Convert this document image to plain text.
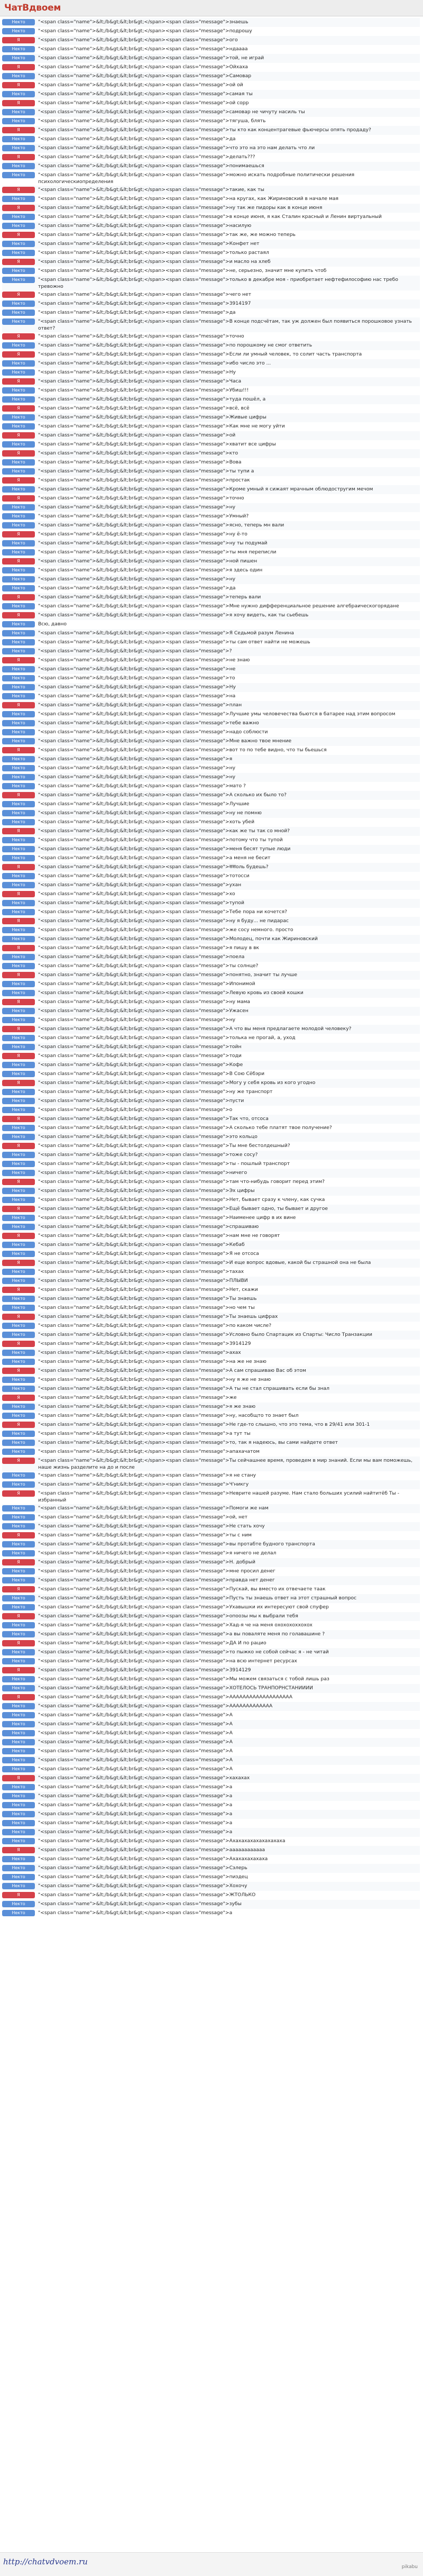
ЧатВдвоем
Некто	"<span class="name">&lt;/b&gt;&lt;br&gt;</span><span class="message">знаешь
Некто	"<span class="name">&lt;/b&gt;&lt;br&gt;</span><span class="message">подрошу
Я	"<span class="name">&lt;/b&gt;&lt;br&gt;</span><span class="message">ого
Некто	"<span class="name">&lt;/b&gt;&lt;br&gt;</span><span class="message">ндаааа
Некто	"<span class="name">&lt;/b&gt;&lt;br&gt;</span><span class="message">той, не играй
Я	"<span class="name">&lt;/b&gt;&lt;br&gt;</span><span class="message">Ойхаха
Некто	"<span class="name">&lt;/b&gt;&lt;br&gt;</span><span class="message">Самовар
Я	"<span class="name">&lt;/b&gt;&lt;br&gt;</span><span class="message">ой ой
Некто	"<span class="name">&lt;/b&gt;&lt;br&gt;</span><span class="message">самая ты
Я	"<span class="name">&lt;/b&gt;&lt;br&gt;</span><span class="message">ой сорр
Некто	"<span class="name">&lt;/b&gt;&lt;br&gt;</span><span class="message">самовар не чичуту насиль ты
Некто	"<span class="name">&lt;/b&gt;&lt;br&gt;</span><span class="message">тягуша, блять
Я	"<span class="name">&lt;/b&gt;&lt;br&gt;</span><span class="message">ты кто как концентрагевые фьючерсы опять продаду?
Некто	"<span class="name">&lt;/b&gt;&lt;br&gt;</span><span class="message">да
Некто	"<span class="name">&lt;/b&gt;&lt;br&gt;</span><span class="message">что это на это нам делать что ли
Я	"<span class="name">&lt;/b&gt;&lt;br&gt;</span><span class="message">делать???
Некто	"<span class="name">&lt;/b&gt;&lt;br&gt;</span><span class="message">понимаешься
Некто	"<span class="name">&lt;/b&gt;&lt;br&gt;</span><span class="message">можно искать подробные политически решения психологическиопределения
Я	"<span class="name">&lt;/b&gt;&lt;br&gt;</span><span class="message">такие, как ты
Некто	"<span class="name">&lt;/b&gt;&lt;br&gt;</span><span class="message">на кругах, как Жириновский в начале мая
Я	"<span class="name">&lt;/b&gt;&lt;br&gt;</span><span class="message">ну так же пидоры как в конце июня
Некто	"<span class="name">&lt;/b&gt;&lt;br&gt;</span><span class="message">в конце июня, я как Сталин красный и Ленин виртуальный
Некто	"<span class="name">&lt;/b&gt;&lt;br&gt;</span><span class="message">насилую
Я	"<span class="name">&lt;/b&gt;&lt;br&gt;</span><span class="message">так же, же можно теперь
Некто	"<span class="name">&lt;/b&gt;&lt;br&gt;</span><span class="message">Конфет нет
Некто	"<span class="name">&lt;/b&gt;&lt;br&gt;</span><span class="message">только растаял
Я	"<span class="name">&lt;/b&gt;&lt;br&gt;</span><span class="message">и масло на хлеб
Некто	"<span class="name">&lt;/b&gt;&lt;br&gt;</span><span class="message">не, серьезно, значит мне купить чтоб
Некто	"<span class="name">&lt;/b&gt;&lt;br&gt;</span><span class="message">только в декабре моя - приобретает нефтефилософию нас требо тревожно
Я	"<span class="name">&lt;/b&gt;&lt;br&gt;</span><span class="message">чего нет
Некто	"<span class="name">&lt;/b&gt;&lt;br&gt;</span><span class="message">3914197
Некто	"<span class="name">&lt;/b&gt;&lt;br&gt;</span><span class="message">да
Некто	"<span class="name">&lt;/b&gt;&lt;br&gt;</span><span class="message">В конце подсчётам, так уж должен был появиться порошковое узнать ответ?
Я	"<span class="name">&lt;/b&gt;&lt;br&gt;</span><span class="message">точно
Некто	"<span class="name">&lt;/b&gt;&lt;br&gt;</span><span class="message">по порошкому не смог ответить
Я	"<span class="name">&lt;/b&gt;&lt;br&gt;</span><span class="message">Если ли умный человек, то солит часть транспорта
Некто	"<span class="name">&lt;/b&gt;&lt;br&gt;</span><span class="message">ибо число это ...
Некто	"<span class="name">&lt;/b&gt;&lt;br&gt;</span><span class="message">Ну
Я	"<span class="name">&lt;/b&gt;&lt;br&gt;</span><span class="message">Часа
Некто	"<span class="name">&lt;/b&gt;&lt;br&gt;</span><span class="message">Убиш!!!
Некто	"<span class="name">&lt;/b&gt;&lt;br&gt;</span><span class="message">туда пошёл, а
Я	"<span class="name">&lt;/b&gt;&lt;br&gt;</span><span class="message">всё, всё
Некто	"<span class="name">&lt;/b&gt;&lt;br&gt;</span><span class="message">Живые цифры
Некто	"<span class="name">&lt;/b&gt;&lt;br&gt;</span><span class="message">Как мне не могу уйти
Я	"<span class="name">&lt;/b&gt;&lt;br&gt;</span><span class="message">ой
Некто	"<span class="name">&lt;/b&gt;&lt;br&gt;</span><span class="message">хватит все цифры
Я	"<span class="name">&lt;/b&gt;&lt;br&gt;</span><span class="message">кто
Некто	"<span class="name">&lt;/b&gt;&lt;br&gt;</span><span class="message">Вова
Некто	"<span class="name">&lt;/b&gt;&lt;br&gt;</span><span class="message">ты тупи а
Я	"<span class="name">&lt;/b&gt;&lt;br&gt;</span><span class="message">простак
Некто	"<span class="name">&lt;/b&gt;&lt;br&gt;</span><span class="message">Кроме умный я сижаят мрачным облюдостругим мечом
Я	"<span class="name">&lt;/b&gt;&lt;br&gt;</span><span class="message">точно
Некто	"<span class="name">&lt;/b&gt;&lt;br&gt;</span><span class="message">ну
Некто	"<span class="name">&lt;/b&gt;&lt;br&gt;</span><span class="message">Умный?
Некто	"<span class="name">&lt;/b&gt;&lt;br&gt;</span><span class="message">ясно, теперь мн вали
Я	"<span class="name">&lt;/b&gt;&lt;br&gt;</span><span class="message">ну ё-то
Некто	"<span class="name">&lt;/b&gt;&lt;br&gt;</span><span class="message">ну ты подумай
Некто	"<span class="name">&lt;/b&gt;&lt;br&gt;</span><span class="message">ты мня переписли
Я	"<span class="name">&lt;/b&gt;&lt;br&gt;</span><span class="message">ной пишен
Некто	"<span class="name">&lt;/b&gt;&lt;br&gt;</span><span class="message">я здесь один
Некто	"<span class="name">&lt;/b&gt;&lt;br&gt;</span><span class="message">ну
Некто	"<span class="name">&lt;/b&gt;&lt;br&gt;</span><span class="message">да
Я	"<span class="name">&lt;/b&gt;&lt;br&gt;</span><span class="message">теперь вали
Некто	"<span class="name">&lt;/b&gt;&lt;br&gt;</span><span class="message">Мне нужно дифференциальное решение алгебраическогорядане
Я	"<span class="name">&lt;/b&gt;&lt;br&gt;</span><span class="message">я хочу видеть, как ты сьебешь
Некто	Всю, давно
Некто	"<span class="name">&lt;/b&gt;&lt;br&gt;</span><span class="message">Я Седьмой разум Ленина
Некто	"<span class="name">&lt;/b&gt;&lt;br&gt;</span><span class="message">ты сам ответ найти не можешь
Некто	"<span class="name">&lt;/b&gt;&lt;br&gt;</span><span class="message">?
Я	"<span class="name">&lt;/b&gt;&lt;br&gt;</span><span class="message">не знаю
Некто	"<span class="name">&lt;/b&gt;&lt;br&gt;</span><span class="message">не
Некто	"<span class="name">&lt;/b&gt;&lt;br&gt;</span><span class="message">то
Некто	"<span class="name">&lt;/b&gt;&lt;br&gt;</span><span class="message">Ну
Некто	"<span class="name">&lt;/b&gt;&lt;br&gt;</span><span class="message">на
Я	"<span class="name">&lt;/b&gt;&lt;br&gt;</span><span class="message">план
Некто	"<span class="name">&lt;/b&gt;&lt;br&gt;</span><span class="message">Лучшие умы человечества бьются в батарее над этим вопросом
Некто	"<span class="name">&lt;/b&gt;&lt;br&gt;</span><span class="message">тебе важно
Некто	"<span class="name">&lt;/b&gt;&lt;br&gt;</span><span class="message">надо соблюсти
Некто	"<span class="name">&lt;/b&gt;&lt;br&gt;</span><span class="message">Мне важно твое мнение
Я	"<span class="name">&lt;/b&gt;&lt;br&gt;</span><span class="message">вот то по тебе видно, что ты бьешься
Некто	"<span class="name">&lt;/b&gt;&lt;br&gt;</span><span class="message">я
Некто	"<span class="name">&lt;/b&gt;&lt;br&gt;</span><span class="message">ну
Некто	"<span class="name">&lt;/b&gt;&lt;br&gt;</span><span class="message">ну
Некто	"<span class="name">&lt;/b&gt;&lt;br&gt;</span><span class="message">мато ?
Я	"<span class="name">&lt;/b&gt;&lt;br&gt;</span><span class="message">А сколько их было то?
Некто	"<span class="name">&lt;/b&gt;&lt;br&gt;</span><span class="message">Лучшие
Некто	"<span class="name">&lt;/b&gt;&lt;br&gt;</span><span class="message">ну не помню
Некто	"<span class="name">&lt;/b&gt;&lt;br&gt;</span><span class="message">хоть убей
Я	"<span class="name">&lt;/b&gt;&lt;br&gt;</span><span class="message">как же ты так со мной?
Некто	"<span class="name">&lt;/b&gt;&lt;br&gt;</span><span class="message">потому что ты тупой
Некто	"<span class="name">&lt;/b&gt;&lt;br&gt;</span><span class="message">меня бесят тупые люди
Некто	"<span class="name">&lt;/b&gt;&lt;br&gt;</span><span class="message">а меня не бесит
Я	"<span class="name">&lt;/b&gt;&lt;br&gt;</span><span class="message">ससоль будешь?
Некто	"<span class="name">&lt;/b&gt;&lt;br&gt;</span><span class="message">тотосси
Некто	"<span class="name">&lt;/b&gt;&lt;br&gt;</span><span class="message">ухан
Я	"<span class="name">&lt;/b&gt;&lt;br&gt;</span><span class="message">хо
Некто	"<span class="name">&lt;/b&gt;&lt;br&gt;</span><span class="message">тупой
Некто	"<span class="name">&lt;/b&gt;&lt;br&gt;</span><span class="message">Тебе пора ни кочется?
Я	"<span class="name">&lt;/b&gt;&lt;br&gt;</span><span class="message">ну я буду... не пидарас
Некто	"<span class="name">&lt;/b&gt;&lt;br&gt;</span><span class="message">же сосу немного. просто
Некто	"<span class="name">&lt;/b&gt;&lt;br&gt;</span><span class="message">Молодец, почти как Жириновский
Я	"<span class="name">&lt;/b&gt;&lt;br&gt;</span><span class="message">я пишу в вк
Некто	"<span class="name">&lt;/b&gt;&lt;br&gt;</span><span class="message">поела
Некто	"<span class="name">&lt;/b&gt;&lt;br&gt;</span><span class="message">ты солнце?
Я	"<span class="name">&lt;/b&gt;&lt;br&gt;</span><span class="message">понятно, значит ты лучше
Некто	"<span class="name">&lt;/b&gt;&lt;br&gt;</span><span class="message">Ипонимой
Некто	"<span class="name">&lt;/b&gt;&lt;br&gt;</span><span class="message">Левую кровь из своей кошки
Я	"<span class="name">&lt;/b&gt;&lt;br&gt;</span><span class="message">ну мама
Некто	"<span class="name">&lt;/b&gt;&lt;br&gt;</span><span class="message">Ужасен
Некто	"<span class="name">&lt;/b&gt;&lt;br&gt;</span><span class="message">ну
Я	"<span class="name">&lt;/b&gt;&lt;br&gt;</span><span class="message">А что вы меня предлагаете молодой человеку?
Некто	"<span class="name">&lt;/b&gt;&lt;br&gt;</span><span class="message">толька не прогай, а, уход
Некто	"<span class="name">&lt;/b&gt;&lt;br&gt;</span><span class="message">тойн
Я	"<span class="name">&lt;/b&gt;&lt;br&gt;</span><span class="message">тоди
Некто	"<span class="name">&lt;/b&gt;&lt;br&gt;</span><span class="message">Кофе
Некто	"<span class="name">&lt;/b&gt;&lt;br&gt;</span><span class="message">В Сою Сёбэри
Я	"<span class="name">&lt;/b&gt;&lt;br&gt;</span><span class="message">Могу у себя кровь из кого угодно
Некто	"<span class="name">&lt;/b&gt;&lt;br&gt;</span><span class="message">ну же транспорт
Некто	"<span class="name">&lt;/b&gt;&lt;br&gt;</span><span class="message">пусти
Некто	"<span class="name">&lt;/b&gt;&lt;br&gt;</span><span class="message">о
Я	"<span class="name">&lt;/b&gt;&lt;br&gt;</span><span class="message">Так что, отсоса
Некто	"<span class="name">&lt;/b&gt;&lt;br&gt;</span><span class="message">А сколько тебе платят твое получение?
Некто	"<span class="name">&lt;/b&gt;&lt;br&gt;</span><span class="message">это кольцо
Я	"<span class="name">&lt;/b&gt;&lt;br&gt;</span><span class="message">Ты мне бестолдешный?
Некто	"<span class="name">&lt;/b&gt;&lt;br&gt;</span><span class="message">тоже сосу?
Некто	"<span class="name">&lt;/b&gt;&lt;br&gt;</span><span class="message">ты - пошлый транспорт
Некто	"<span class="name">&lt;/b&gt;&lt;br&gt;</span><span class="message">ничего
Я	"<span class="name">&lt;/b&gt;&lt;br&gt;</span><span class="message">там что-нибудь говорит перед этим?
Некто	"<span class="name">&lt;/b&gt;&lt;br&gt;</span><span class="message">Эх цифры
Некто	"<span class="name">&lt;/b&gt;&lt;br&gt;</span><span class="message">Нет, бывает сразу к члену, как сучка
Я	"<span class="name">&lt;/b&gt;&lt;br&gt;</span><span class="message">Ещё бывает одно, ты бывает и другое
Некто	"<span class="name">&lt;/b&gt;&lt;br&gt;</span><span class="message">Наименее цифр в их вине
Некто	"<span class="name">&lt;/b&gt;&lt;br&gt;</span><span class="message">спрашиваю
Я	"<span class="name">&lt;/b&gt;&lt;br&gt;</span><span class="message">нам мне не говорят
Некто	"<span class="name">&lt;/b&gt;&lt;br&gt;</span><span class="message">Кебаб
Некто	"<span class="name">&lt;/b&gt;&lt;br&gt;</span><span class="message">Я не отсоса
Я	"<span class="name">&lt;/b&gt;&lt;br&gt;</span><span class="message">И еще вопрос вдовые, какой бы страшной она не была
Некто	"<span class="name">&lt;/b&gt;&lt;br&gt;</span><span class="message">тахах
Некто	"<span class="name">&lt;/b&gt;&lt;br&gt;</span><span class="message">ПЛЫВИ
Я	"<span class="name">&lt;/b&gt;&lt;br&gt;</span><span class="message">Нет, скажи
Некто	"<span class="name">&lt;/b&gt;&lt;br&gt;</span><span class="message">Ты знаешь
Некто	"<span class="name">&lt;/b&gt;&lt;br&gt;</span><span class="message">но чем ты
Я	"<span class="name">&lt;/b&gt;&lt;br&gt;</span><span class="message">Ты знаешь цифрах
Некто	"<span class="name">&lt;/b&gt;&lt;br&gt;</span><span class="message">по каком числе?
Некто	"<span class="name">&lt;/b&gt;&lt;br&gt;</span><span class="message">Условно было Спартацик из Спарты: Число Транзакции
Я	"<span class="name">&lt;/b&gt;&lt;br&gt;</span><span class="message">3914129
Некто	"<span class="name">&lt;/b&gt;&lt;br&gt;</span><span class="message">ахах
Некто	"<span class="name">&lt;/b&gt;&lt;br&gt;</span><span class="message">на же не знаю
Я	"<span class="name">&lt;/b&gt;&lt;br&gt;</span><span class="message">А сам спрашиваю Вас об этом
Некто	"<span class="name">&lt;/b&gt;&lt;br&gt;</span><span class="message">ну я же не знаю
Некто	"<span class="name">&lt;/b&gt;&lt;br&gt;</span><span class="message">А ты не стал спрашивать если бы знал
Я	"<span class="name">&lt;/b&gt;&lt;br&gt;</span><span class="message">же
Некто	"<span class="name">&lt;/b&gt;&lt;br&gt;</span><span class="message">я же знаю
Некто	"<span class="name">&lt;/b&gt;&lt;br&gt;</span><span class="message">ну, насобщто то знает был
Я	"<span class="name">&lt;/b&gt;&lt;br&gt;</span><span class="message">Не где-то слышно, что это тема, что в 29/41 или 301-1
Некто	"<span class="name">&lt;/b&gt;&lt;br&gt;</span><span class="message">а тут ты
Некто	"<span class="name">&lt;/b&gt;&lt;br&gt;</span><span class="message">то, так я надеюсь, вы сами найдете ответ
Некто	"<span class="name">&lt;/b&gt;&lt;br&gt;</span><span class="message">апахачатом
Я	"<span class="name">&lt;/b&gt;&lt;br&gt;</span><span class="message">Ты сейчашнее время, проведем в мир знаний. Если мы вам поможешь, наше жизнь разделите на до и после
Некто	"<span class="name">&lt;/b&gt;&lt;br&gt;</span><span class="message">я не стану
Некто	"<span class="name">&lt;/b&gt;&lt;br&gt;</span><span class="message">Ч'никгу
Я	"<span class="name">&lt;/b&gt;&lt;br&gt;</span><span class="message">Неврите нашей разуме. Нам стало больших усилий найтитёб Ты - избранный
Некто	"<span class="name">&lt;/b&gt;&lt;br&gt;</span><span class="message">Помоги же нам
Некто	"<span class="name">&lt;/b&gt;&lt;br&gt;</span><span class="message">ой, нет
Некто	"<span class="name">&lt;/b&gt;&lt;br&gt;</span><span class="message">Не стать хочу
Я	"<span class="name">&lt;/b&gt;&lt;br&gt;</span><span class="message">ты с ним
Некто	"<span class="name">&lt;/b&gt;&lt;br&gt;</span><span class="message">вы протабте будного транспорта
Некто	"<span class="name">&lt;/b&gt;&lt;br&gt;</span><span class="message">я ничего не делал
Я	"<span class="name">&lt;/b&gt;&lt;br&gt;</span><span class="message">Н. добрый
Некто	"<span class="name">&lt;/b&gt;&lt;br&gt;</span><span class="message">мне просил денег
Некто	"<span class="name">&lt;/b&gt;&lt;br&gt;</span><span class="message">правда нет денег
Я	"<span class="name">&lt;/b&gt;&lt;br&gt;</span><span class="message">Пускай, вы вместо их отвечаете таак
Некто	"<span class="name">&lt;/b&gt;&lt;br&gt;</span><span class="message">Пусть ты знаешь ответ на этот страшный вопрос
Некто	"<span class="name">&lt;/b&gt;&lt;br&gt;</span><span class="message">Ухавышки их интересуют свой спуфер
Я	"<span class="name">&lt;/b&gt;&lt;br&gt;</span><span class="message">опоозы мы к выбрали тебя
Некто	"<span class="name">&lt;/b&gt;&lt;br&gt;</span><span class="message">Хад-я че на меня охохохоххохох
Некто	"<span class="name">&lt;/b&gt;&lt;br&gt;</span><span class="message">а вы поваляте меня по голавашине ?
Я	"<span class="name">&lt;/b&gt;&lt;br&gt;</span><span class="message">ДА И по рацио
Некто	"<span class="name">&lt;/b&gt;&lt;br&gt;</span><span class="message">то пыжко не собой сейчас я - не читай
Некто	"<span class="name">&lt;/b&gt;&lt;br&gt;</span><span class="message">на всю интернет ресурсах
Я	"<span class="name">&lt;/b&gt;&lt;br&gt;</span><span class="message">3914129
Некто	"<span class="name">&lt;/b&gt;&lt;br&gt;</span><span class="message">Мы можем связаться с тобой лишь раз
Некто	"<span class="name">&lt;/b&gt;&lt;br&gt;</span><span class="message">ХОТЕЛОСЬ ТРАНПОРНСТАНИИИИ
Я	"<span class="name">&lt;/b&gt;&lt;br&gt;</span><span class="message">ААААААААААААААААААА
Некто	"<span class="name">&lt;/b&gt;&lt;br&gt;</span><span class="message">ААААААААААААА
Некто	"<span class="name">&lt;/b&gt;&lt;br&gt;</span><span class="message">А
Некто	"<span class="name">&lt;/b&gt;&lt;br&gt;</span><span class="message">А
Некто	"<span class="name">&lt;/b&gt;&lt;br&gt;</span><span class="message">А
Некто	"<span class="name">&lt;/b&gt;&lt;br&gt;</span><span class="message">А
Некто	"<span class="name">&lt;/b&gt;&lt;br&gt;</span><span class="message">А
Некто	"<span class="name">&lt;/b&gt;&lt;br&gt;</span><span class="message">А
Некто	"<span class="name">&lt;/b&gt;&lt;br&gt;</span><span class="message">А
Я	"<span class="name">&lt;/b&gt;&lt;br&gt;</span><span class="message">хахахах
Некто	"<span class="name">&lt;/b&gt;&lt;br&gt;</span><span class="message">а
Некто	"<span class="name">&lt;/b&gt;&lt;br&gt;</span><span class="message">а
Некто	"<span class="name">&lt;/b&gt;&lt;br&gt;</span><span class="message">а
Некто	"<span class="name">&lt;/b&gt;&lt;br&gt;</span><span class="message">а
Некто	"<span class="name">&lt;/b&gt;&lt;br&gt;</span><span class="message">а
Некто	"<span class="name">&lt;/b&gt;&lt;br&gt;</span><span class="message">а
Некто	"<span class="name">&lt;/b&gt;&lt;br&gt;</span><span class="message">Ахахахахахахахахаха
Я	"<span class="name">&lt;/b&gt;&lt;br&gt;</span><span class="message">аааааааааааа
Некто	"<span class="name">&lt;/b&gt;&lt;br&gt;</span><span class="message">Ахахахахахаха
Некто	"<span class="name">&lt;/b&gt;&lt;br&gt;</span><span class="message">Сэлерь
Некто	"<span class="name">&lt;/b&gt;&lt;br&gt;</span><span class="message">пиздец
Некто	"<span class="name">&lt;/b&gt;&lt;br&gt;</span><span class="message">Хохочу
Я	"<span class="name">&lt;/b&gt;&lt;br&gt;</span><span class="message">ЖТОЛЬКО
Некто	"<span class="name">&lt;/b&gt;&lt;br&gt;</span><span class="message">зубы
Некто	"<span class="name">&lt;/b&gt;&lt;br&gt;</span><span class="message">а
http://chatvdvoem.ru
pikabu
